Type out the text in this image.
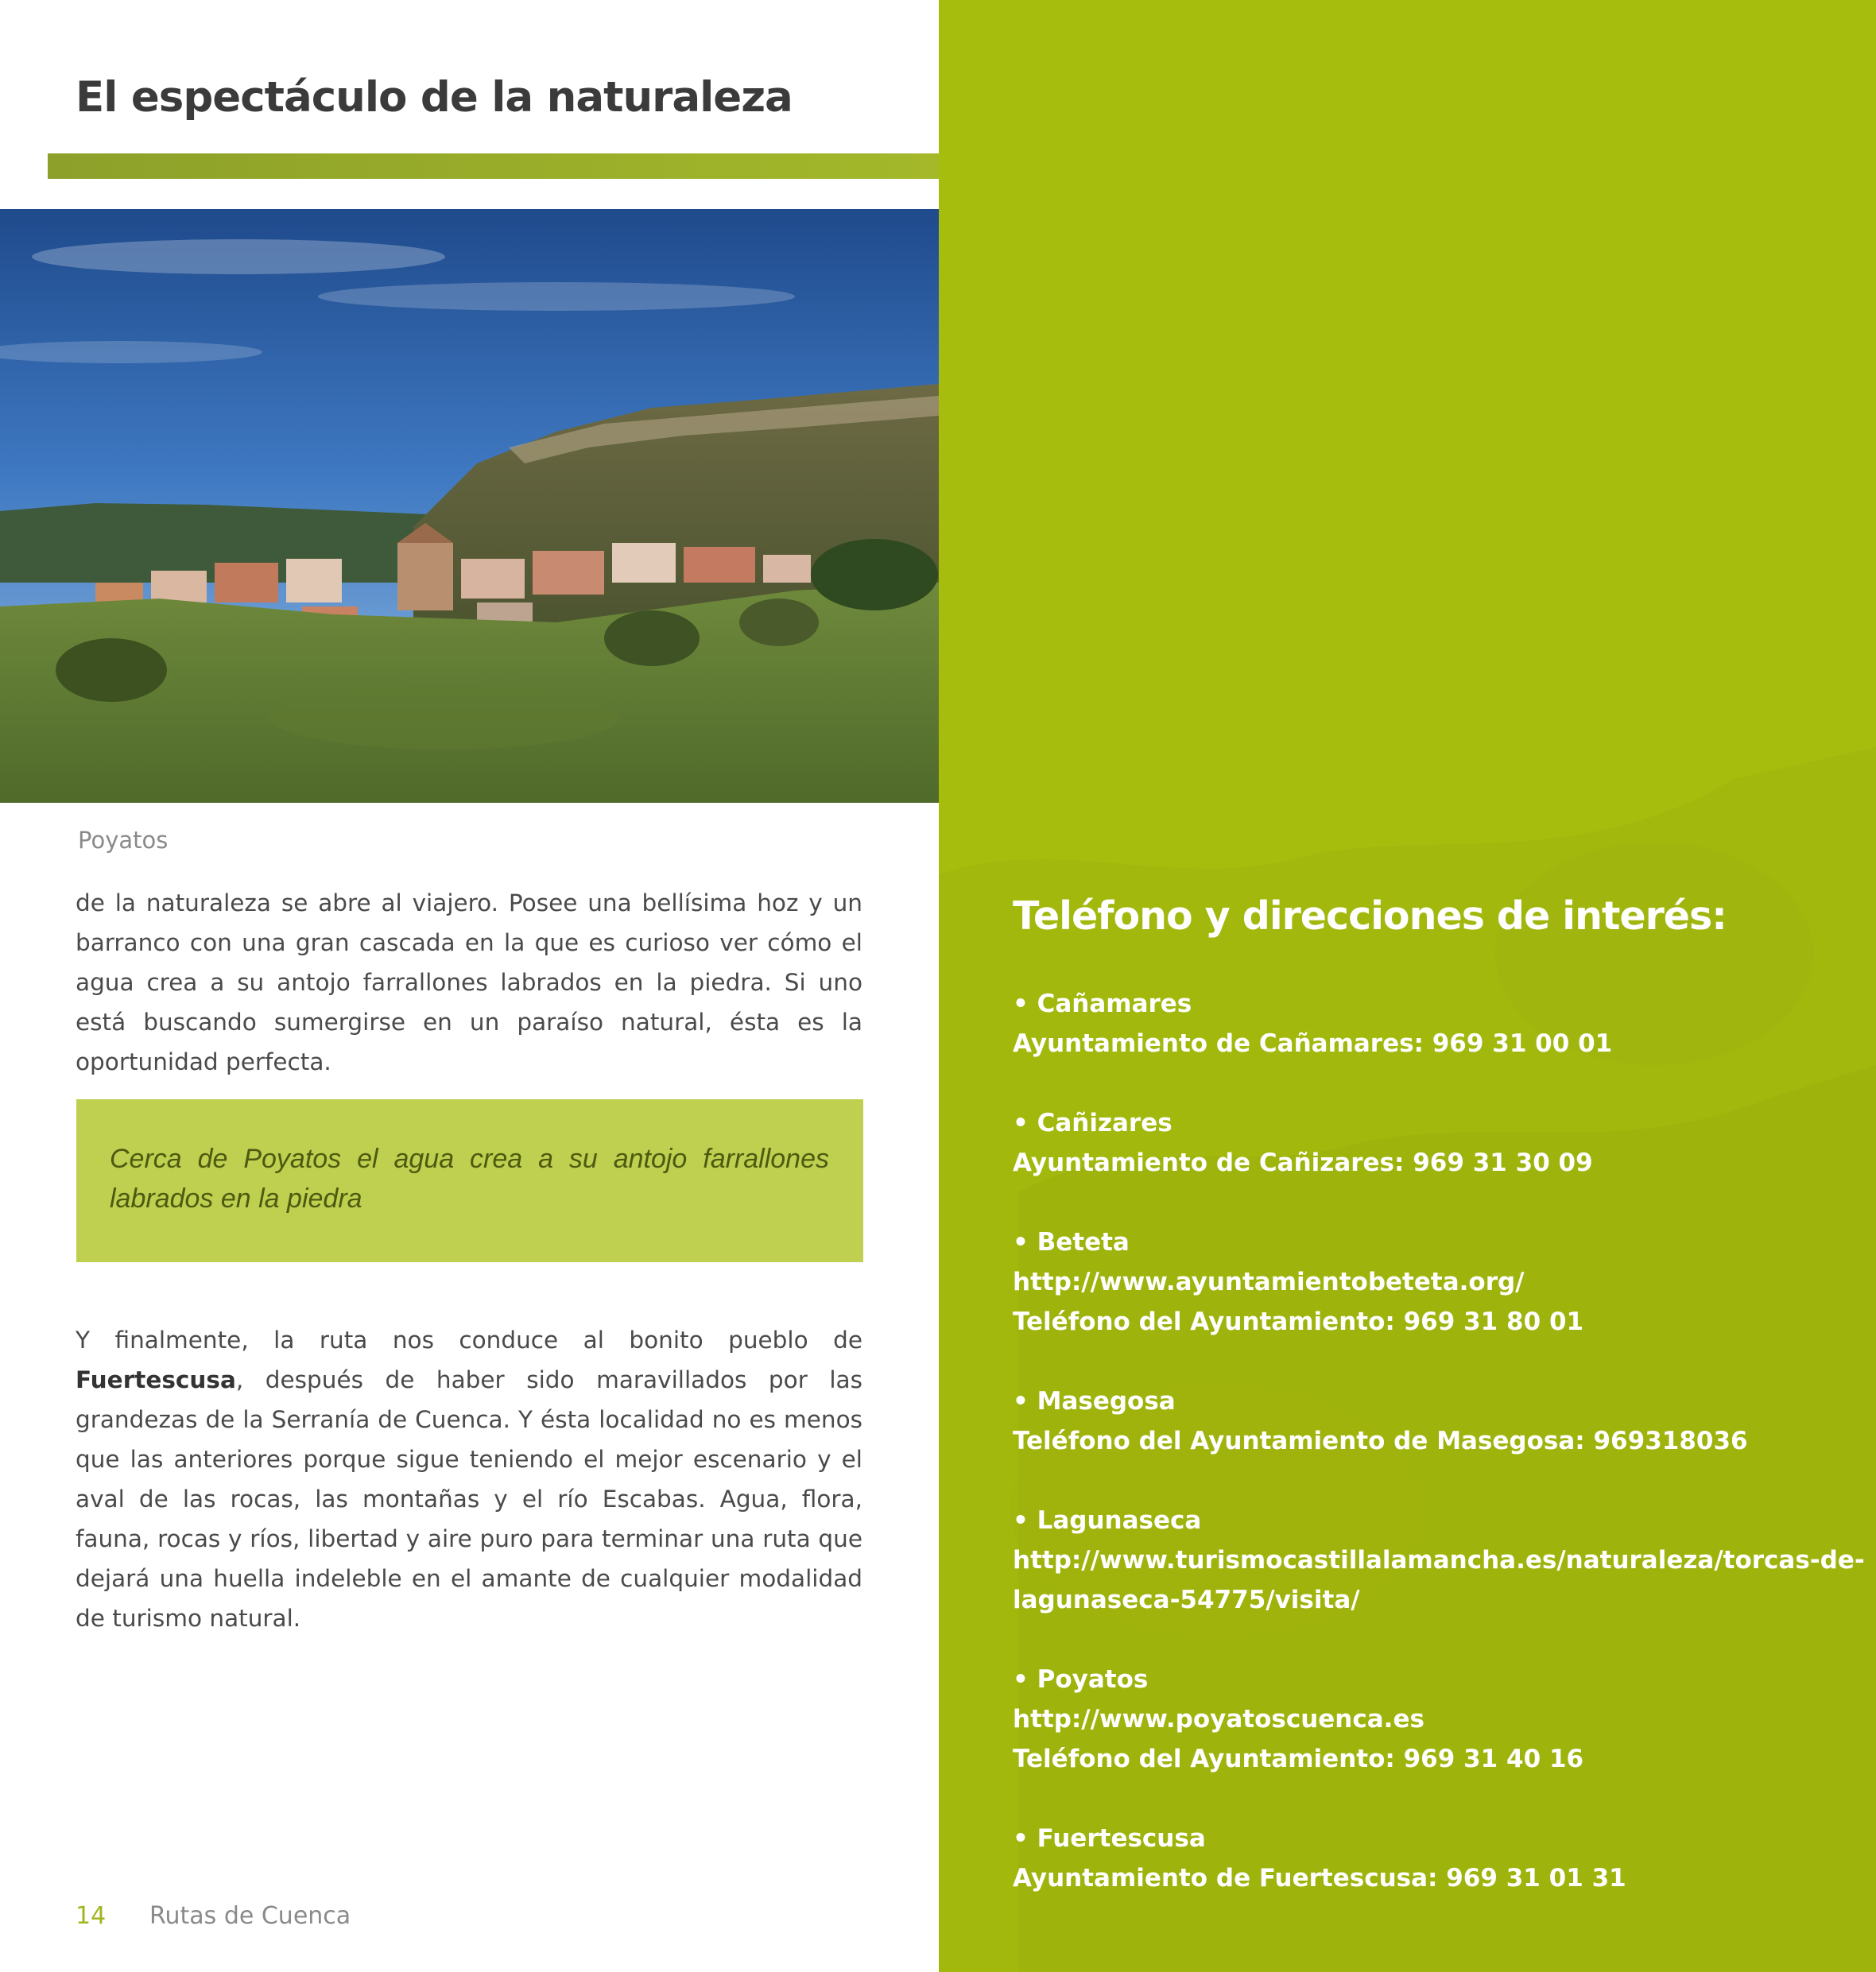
El espectáculo de la naturaleza
Poyatos

de la naturaleza se abre al viajero. Posee una bellísima hoz y un barranco con una gran cascada en la que es curioso ver cómo el agua crea a su antojo farrallones labrados en la piedra. Si uno está buscando sumergirse en un paraíso natural, ésta es la oportunidad perfecta.

Cerca de Poyatos el agua crea a su antojo farrallones labrados en la piedra

Y finalmente, la ruta nos conduce al bonito pueblo de Fuertescusa, después de haber sido maravillados por las grandezas de la Serranía de Cuenca. Y ésta localidad no es menos que las anteriores porque sigue teniendo el mejor escenario y el aval de las rocas, las montañas y el río Escabas. Agua, flora, fauna, rocas y ríos, libertad y aire puro para terminar una ruta que dejará una huella indeleble en el amante de cualquier modalidad de turismo natural.

14 Rutas de Cuenca
Teléfono y direcciones de interés:
• Cañamares
Ayuntamiento de Cañamares: 969 31 00 01
• Cañizares
Ayuntamiento de Cañizares: 969 31 30 09
• Beteta
http://www.ayuntamientobeteta.org/
Teléfono del Ayuntamiento: 969 31 80 01
• Masegosa
Teléfono del Ayuntamiento de Masegosa: 969318036
• Lagunaseca
http://www.turismocastillalamancha.es/naturaleza/torcas-de-
lagunaseca-54775/visita/
• Poyatos
http://www.poyatoscuenca.es
Teléfono del Ayuntamiento: 969 31 40 16
• Fuertescusa
Ayuntamiento de Fuertescusa: 969 31 01 31
